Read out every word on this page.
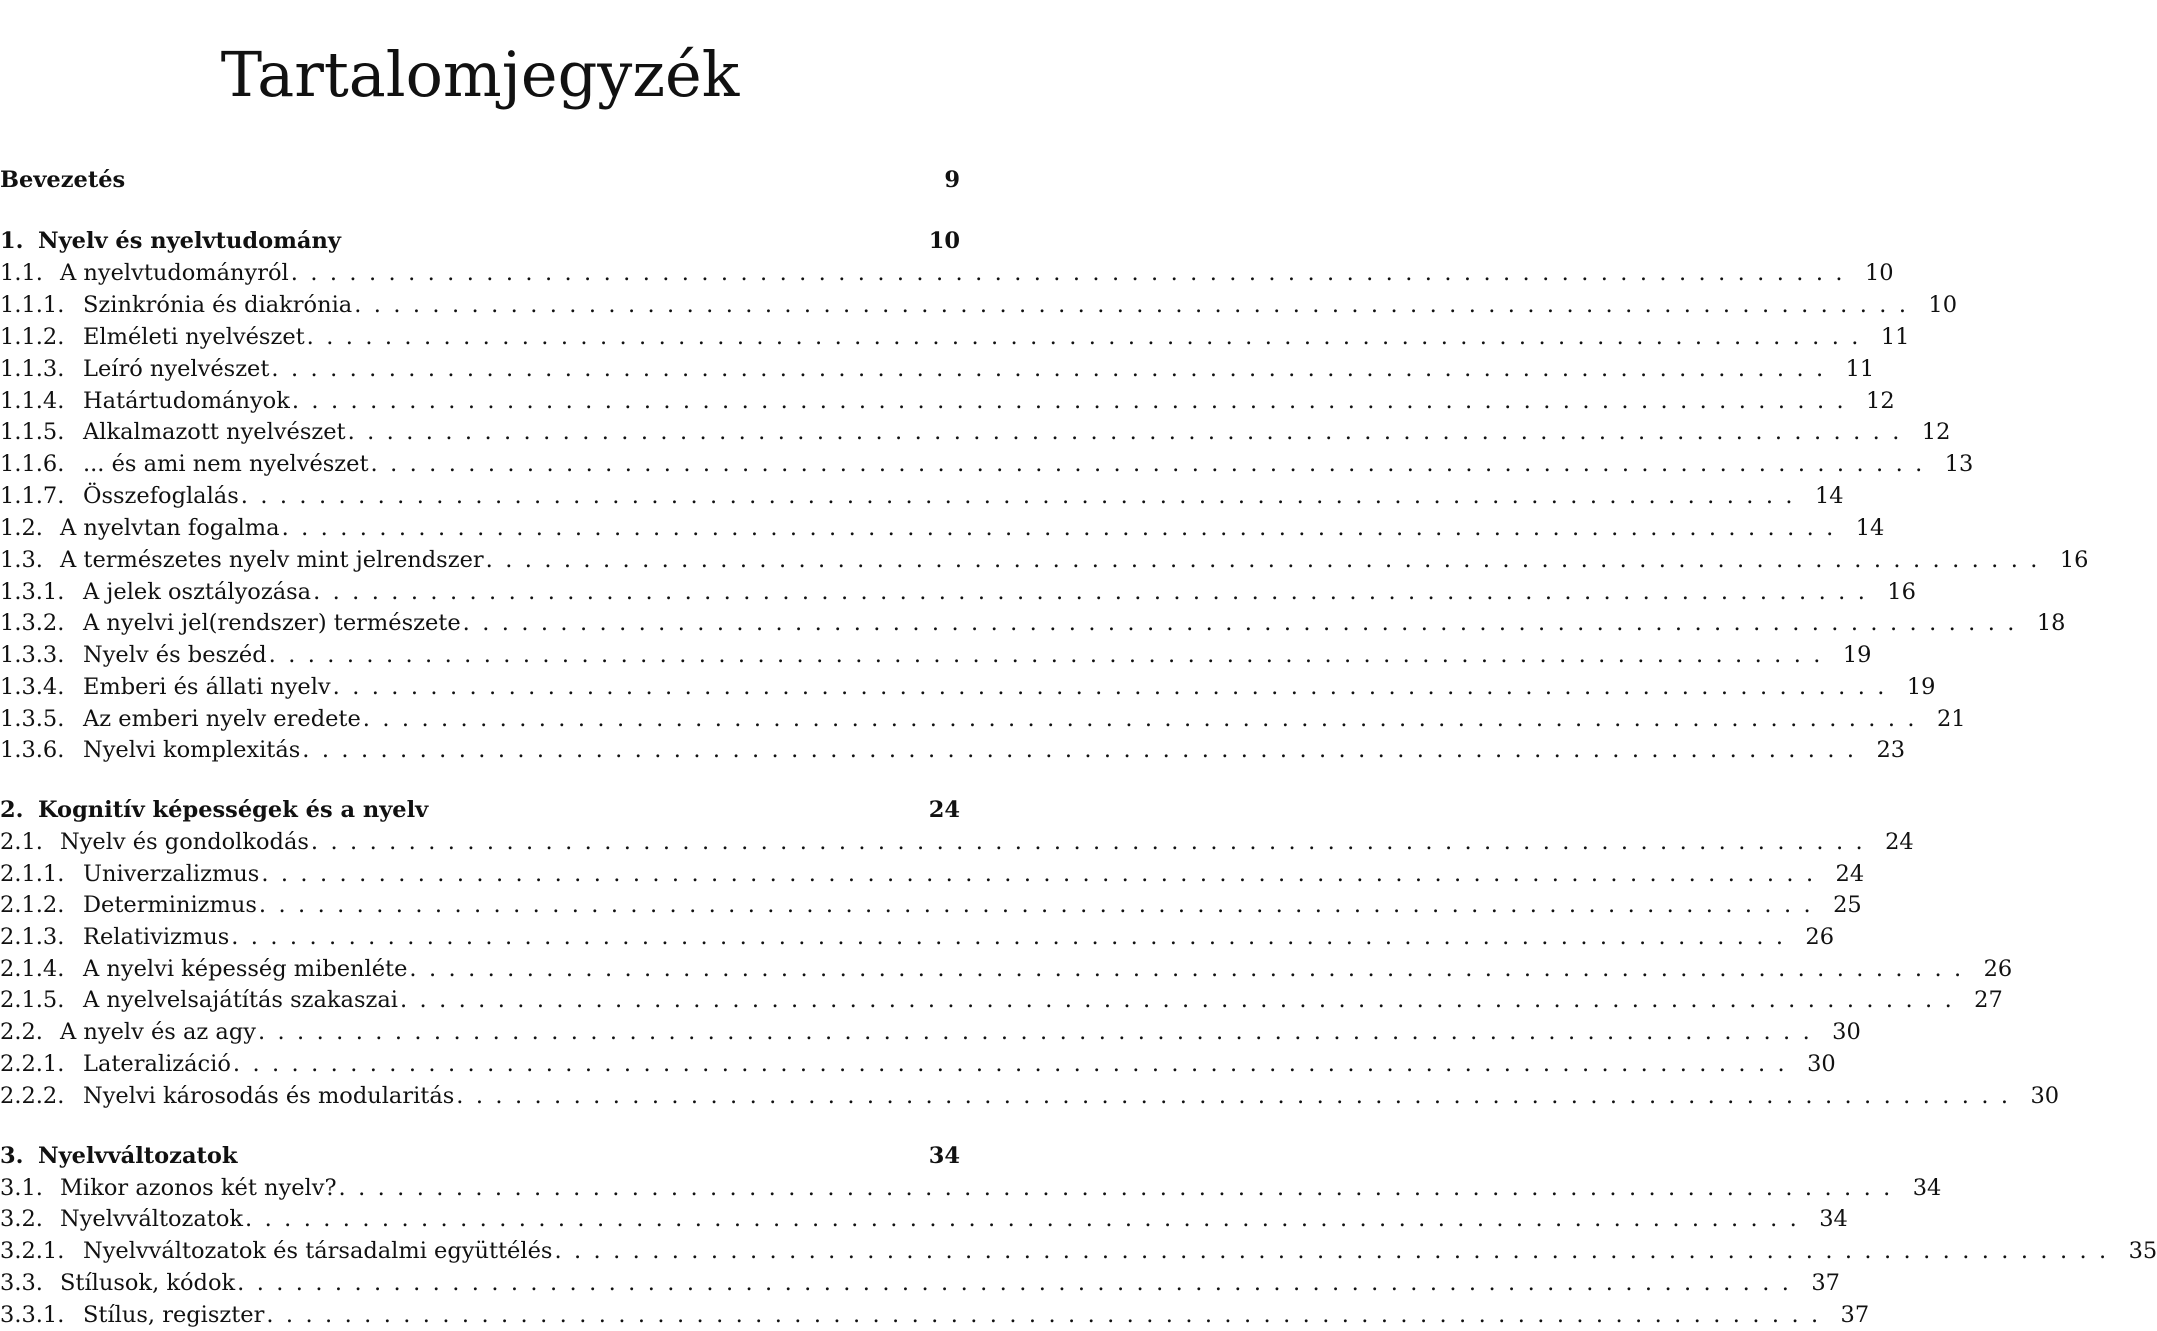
Tartalomjegyzék
Bevezetés	9
1. Nyelv és nyelvtudomány	10
1.1. A nyelvtudományról ................................................................................ 10
1.1.1. Szinkrónia és diakrónia ................................................................................ 10
1.1.2. Elméleti nyelvészet ................................................................................ 11
1.1.3. Leíró nyelvészet ................................................................................ 11
1.1.4. Határtudományok ................................................................................ 12
1.1.5. Alkalmazott nyelvészet ................................................................................ 12
1.1.6. ... és ami nem nyelvészet ................................................................................ 13
1.1.7. Összefoglalás ................................................................................ 14
1.2. A nyelvtan fogalma ................................................................................ 14
1.3. A természetes nyelv mint jelrendszer ................................................................................ 16
1.3.1. A jelek osztályozása ................................................................................ 16
1.3.2. A nyelvi jel(rendszer) természete ................................................................................ 18
1.3.3. Nyelv és beszéd ................................................................................ 19
1.3.4. Emberi és állati nyelv ................................................................................ 19
1.3.5. Az emberi nyelv eredete ................................................................................ 21
1.3.6. Nyelvi komplexitás ................................................................................ 23
2. Kognitív képességek és a nyelv	24
2.1. Nyelv és gondolkodás ................................................................................ 24
2.1.1. Univerzalizmus ................................................................................ 24
2.1.2. Determinizmus ................................................................................ 25
2.1.3. Relativizmus ................................................................................ 26
2.1.4. A nyelvi képesség mibenléte ................................................................................ 26
2.1.5. A nyelvelsajátítás szakaszai ................................................................................ 27
2.2. A nyelv és az agy ................................................................................ 30
2.2.1. Lateralizáció ................................................................................ 30
2.2.2. Nyelvi károsodás és modularitás ................................................................................ 30
3. Nyelvváltozatok	34
3.1. Mikor azonos két nyelv? ................................................................................ 34
3.2. Nyelvváltozatok ................................................................................ 34
3.2.1. Nyelvváltozatok és társadalmi együttélés ................................................................................ 35
3.3. Stílusok, kódok ................................................................................ 37
3.3.1. Stílus, regiszter ................................................................................ 37
